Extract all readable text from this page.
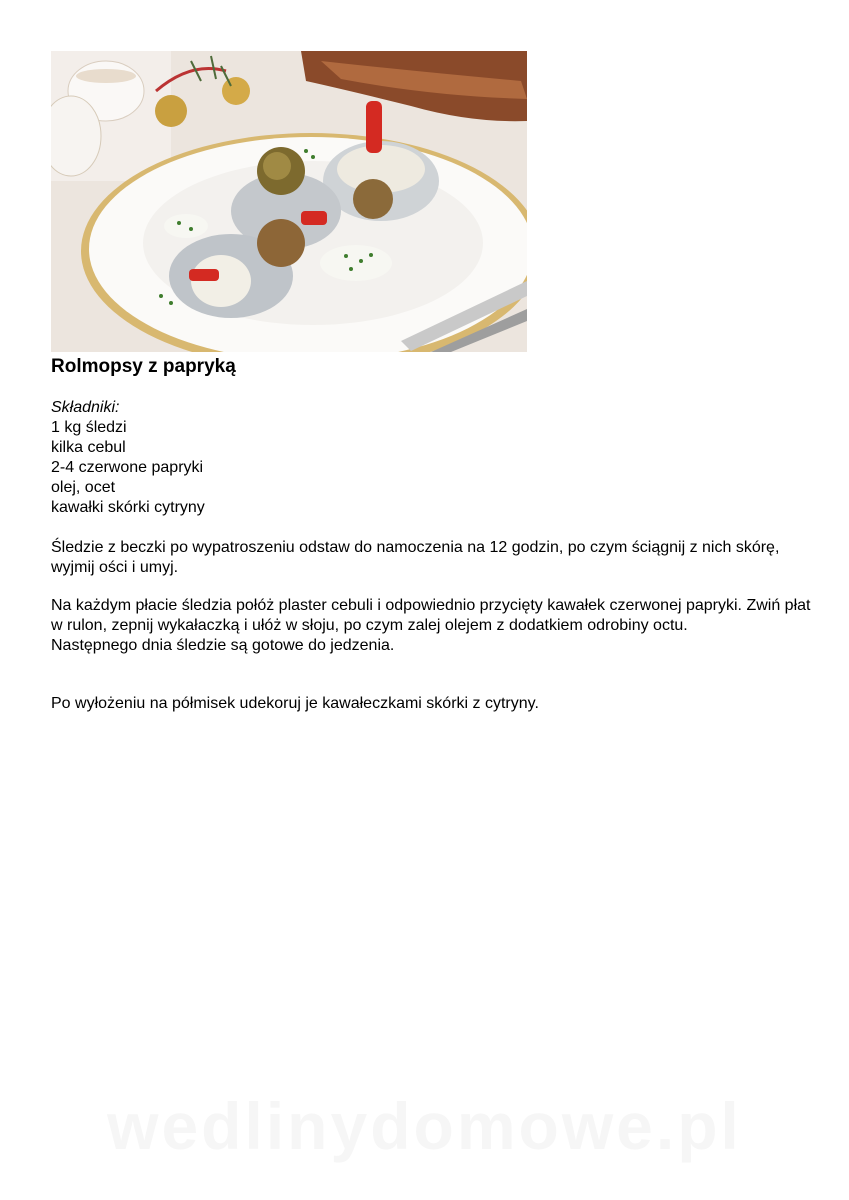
Rolmopsy z papryką
Składniki:
1 kg śledzi
kilka cebul
2-4 czerwone papryki
olej, ocet
kawałki skórki cytryny
Śledzie z beczki po wypatroszeniu odstaw do namoczenia na 12 godzin, po czym ściągnij z nich skórę, wyjmij ości i umyj.
Na każdym płacie śledzia połóż plaster cebuli i odpowiednio przycięty kawałek czerwonej papryki. Zwiń płat w rulon, zepnij wykałaczką i ułóż w słoju, po czym zalej olejem z dodatkiem odrobiny octu.
Następnego dnia śledzie są gotowe do jedzenia.
Po wyłożeniu na półmisek udekoruj je kawałeczkami skórki z cytryny.
wedlinydomowe.pl
